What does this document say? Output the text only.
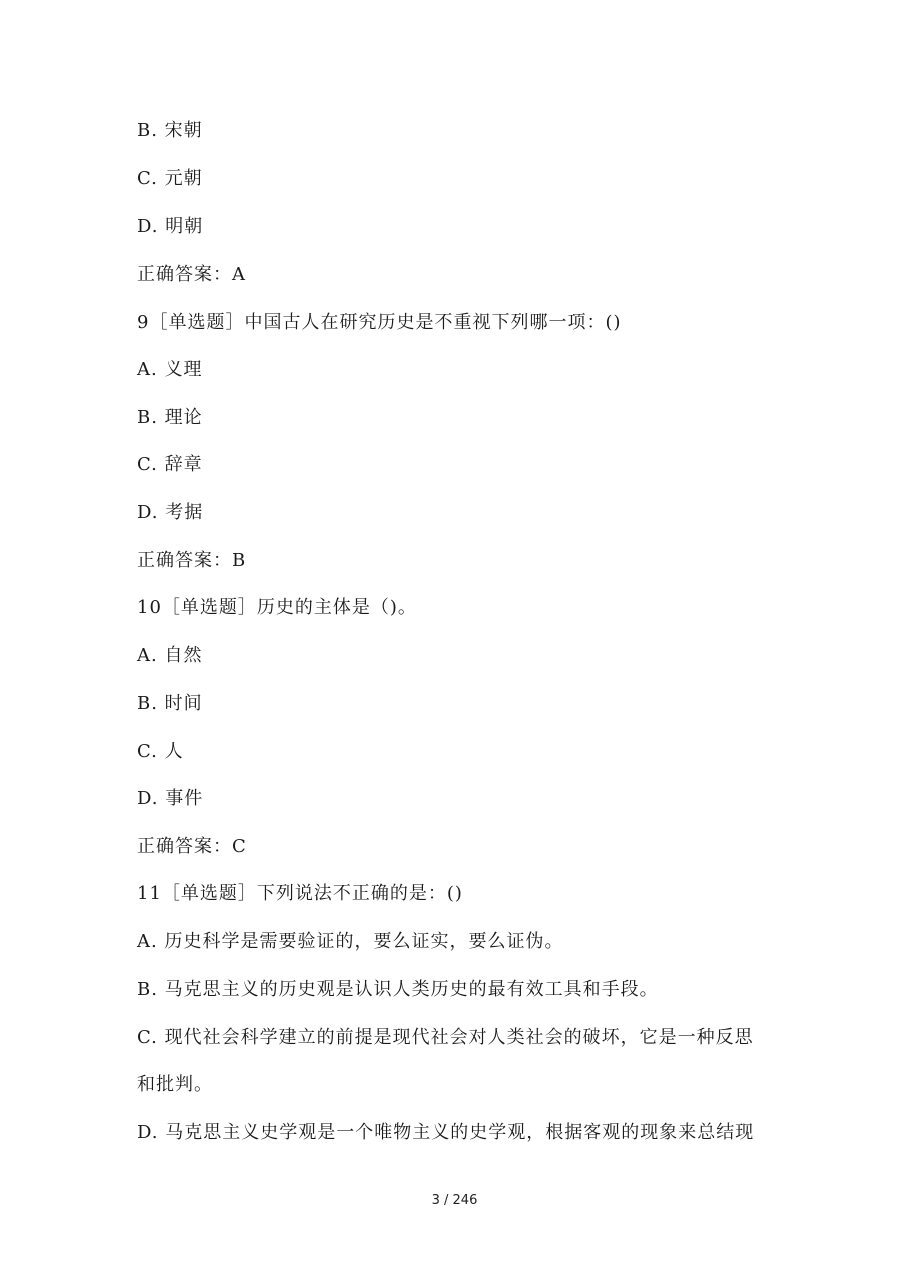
B. 宋朝
C. 元朝
D. 明朝
正确答案：A
9［单选题］中国古人在研究历史是不重视下列哪一项：()
A. 义理
B. 理论
C. 辞章
D. 考据
正确答案：B
10［单选题］历史的主体是（)。
A. 自然
B. 时间
C. 人
D. 事件
正确答案：C
11［单选题］下列说法不正确的是：()
A. 历史科学是需要验证的，要么证实，要么证伪。
B. 马克思主义的历史观是认识人类历史的最有效工具和手段。
C. 现代社会科学建立的前提是现代社会对人类社会的破坏，它是一种反思
和批判。
D. 马克思主义史学观是一个唯物主义的史学观，根据客观的现象来总结现
3 / 246
